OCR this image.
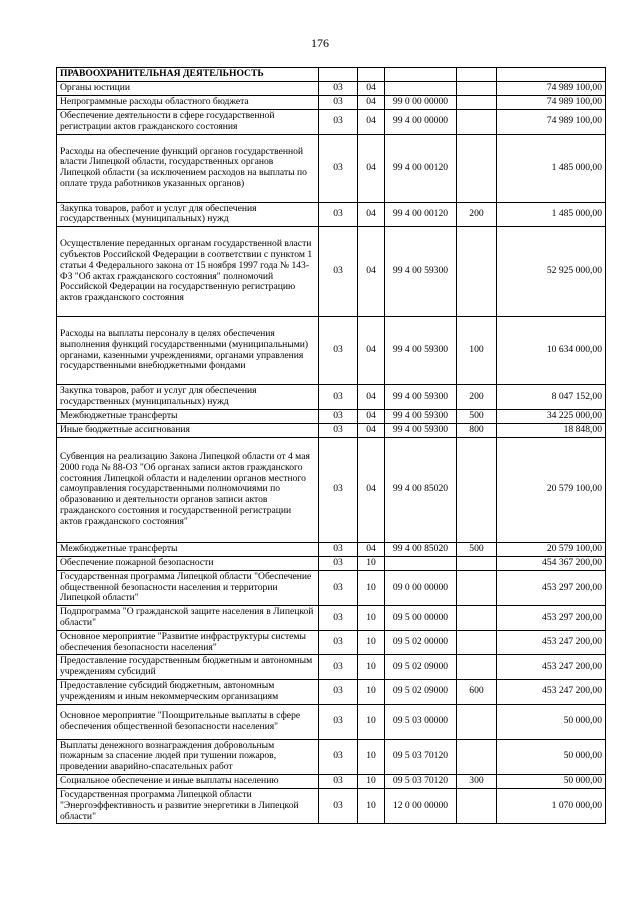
176
ПРАВООХРАНИТЕЛЬНАЯ ДЕЯТЕЛЬНОСТЬ					
Органы юстиции	03	04			74 989 100,00
Непрограммные расходы областного бюджета	03	04	99 0 00 00000		74 989 100,00
Обеспечение деятельности в сфере государственной регистрации актов гражданского состояния	03	04	99 4 00 00000		74 989 100,00
Расходы на обеспечение функций органов государственной власти Липецкой области, государственных органов Липецкой области (за исключением расходов на выплаты по оплате труда работников указанных органов)	03	04	99 4 00 00120		1 485 000,00
Закупка товаров, работ и услуг для обеспечения государственных (муниципальных) нужд	03	04	99 4 00 00120	200	1 485 000,00
Осуществление переданных органам государственной власти субъектов Российской Федерации в соответствии с пунктом 1 статьи 4 Федерального закона от 15 ноября 1997 года № 143-ФЗ "Об актах гражданского состояния" полномочий Российской Федерации на государственную регистрацию актов гражданского состояния	03	04	99 4 00 59300		52 925 000,00
Расходы на выплаты персоналу в целях обеспечения выполнения функций государственными (муниципальными) органами, казенными учреждениями, органами управления государственными внебюджетными фондами	03	04	99 4 00 59300	100	10 634 000,00
Закупка товаров, работ и услуг для обеспечения государственных (муниципальных) нужд	03	04	99 4 00 59300	200	8 047 152,00
Межбюджетные трансферты	03	04	99 4 00 59300	500	34 225 000,00
Иные бюджетные ассигнования	03	04	99 4 00 59300	800	18 848,00
Субвенция на реализацию Закона Липецкой области от 4 мая 2000 года № 88-ОЗ "Об органах записи актов гражданского состояния Липецкой области и наделении органов местного самоуправления государственными полномочиями по образованию и деятельности органов записи актов гражданского состояния и государственной регистрации актов гражданского состояния"	03	04	99 4 00 85020		20 579 100,00
Межбюджетные трансферты	03	04	99 4 00 85020	500	20 579 100,00
Обеспечение пожарной безопасности	03	10			454 367 200,00
Государственная программа Липецкой области "Обеспечение общественной безопасности населения и территории Липецкой области"	03	10	09 0 00 00000		453 297 200,00
Подпрограмма "О гражданской защите населения в Липецкой области"	03	10	09 5 00 00000		453 297 200,00
Основное мероприятие "Развитие инфраструктуры системы обеспечения безопасности населения"	03	10	09 5 02 00000		453 247 200,00
Предоставление государственным бюджетным и автономным учреждениям субсидий	03	10	09 5 02 09000		453 247 200,00
Предоставление субсидий бюджетным, автономным учреждениям и иным некоммерческим организациям	03	10	09 5 02 09000	600	453 247 200,00
Основное мероприятие "Поощрительные выплаты в сфере обеспечения общественной безопасности населения"	03	10	09 5 03 00000		50 000,00
Выплаты денежного вознаграждения добровольным пожарным за спасение людей при тушении пожаров, проведении аварийно-спасательных работ	03	10	09 5 03 70120		50 000,00
Социальное обеспечение и иные выплаты населению	03	10	09 5 03 70120	300	50 000,00
Государственная программа Липецкой области "Энергоэффективность и развитие энергетики в Липецкой области"	03	10	12 0 00 00000		1 070 000,00
